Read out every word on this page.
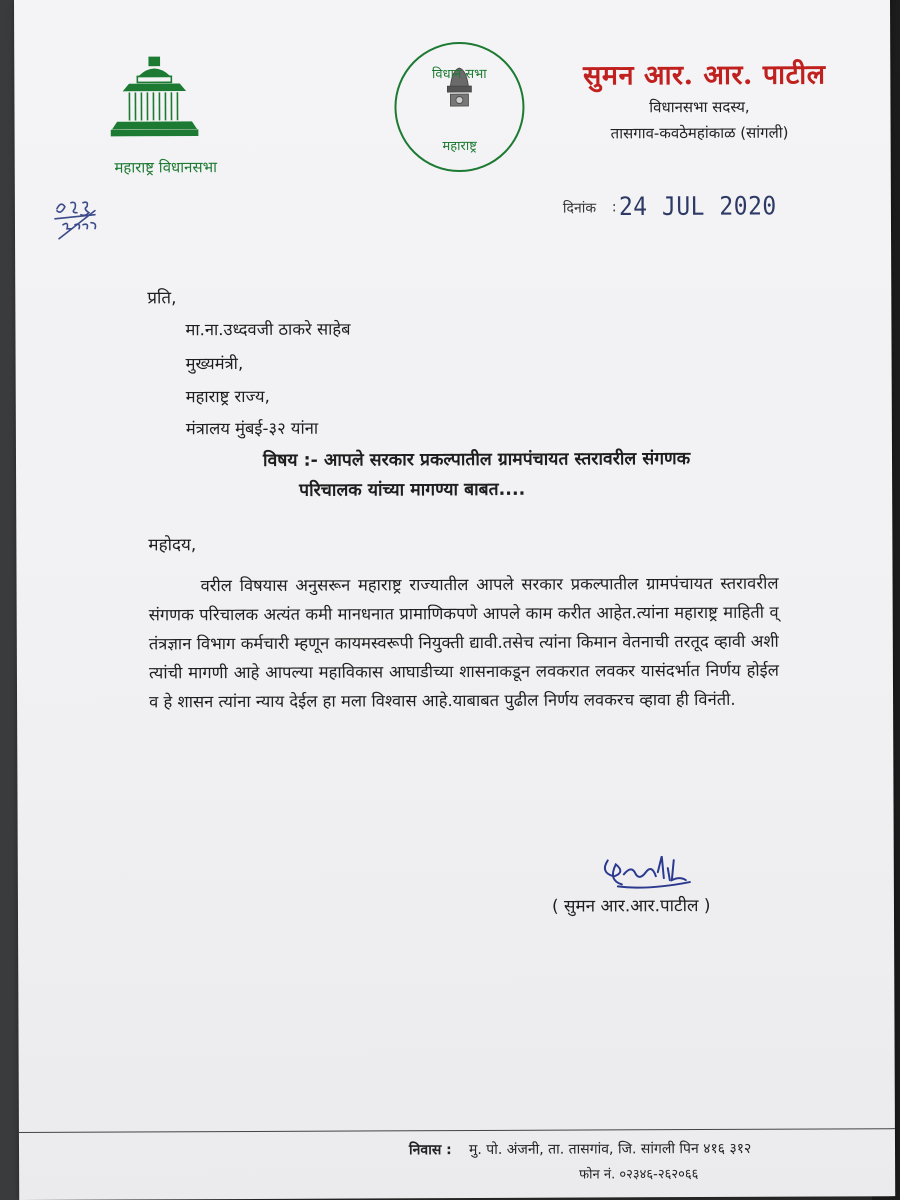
महाराष्ट्र विधानसभा
विधान सभा
महाराष्ट्र
सुमन आर. आर. पाटील
विधानसभा सदस्य,
तासगाव-कवठेमहांकाळ (सांगली)
दिनांक : 24 JUL 2020
प्रति,
मा.ना.उध्दवजी ठाकरे साहेब
मुख्यमंत्री,
महाराष्ट्र राज्य,
मंत्रालय मुंबई-३२ यांना
विषय :- आपले सरकार प्रकल्पातील ग्रामपंचायत स्तरावरील संगणक
परिचालक यांच्या मागण्या बाबत....
महोदय,
वरील विषयास अनुसरून महाराष्ट्र राज्यातील आपले सरकार प्रकल्पातील ग्रामपंचायत स्तरावरील संगणक परिचालक अत्यंत कमी मानधनात प्रामाणिकपणे आपले काम करीत आहेत.त्यांना महाराष्ट्र माहिती व् तंत्रज्ञान विभाग कर्मचारी म्हणून कायमस्वरूपी नियुक्ती द्यावी.तसेच त्यांना किमान वेतनाची तरतूद व्हावी अशी त्यांची मागणी आहे आपल्या महाविकास आघाडीच्या शासनाकडून लवकरात लवकर यासंदर्भात निर्णय होईल व हे शासन त्यांना न्याय देईल हा मला विश्वास आहे.याबाबत पुढील निर्णय लवकरच व्हावा ही विनंती.
( सुमन आर.आर.पाटील )
निवास : मु. पो. अंजनी, ता. तासगांव, जि. सांगली पिन ४१६ ३१२
फोन नं. ०२३४६-२६२०६६
